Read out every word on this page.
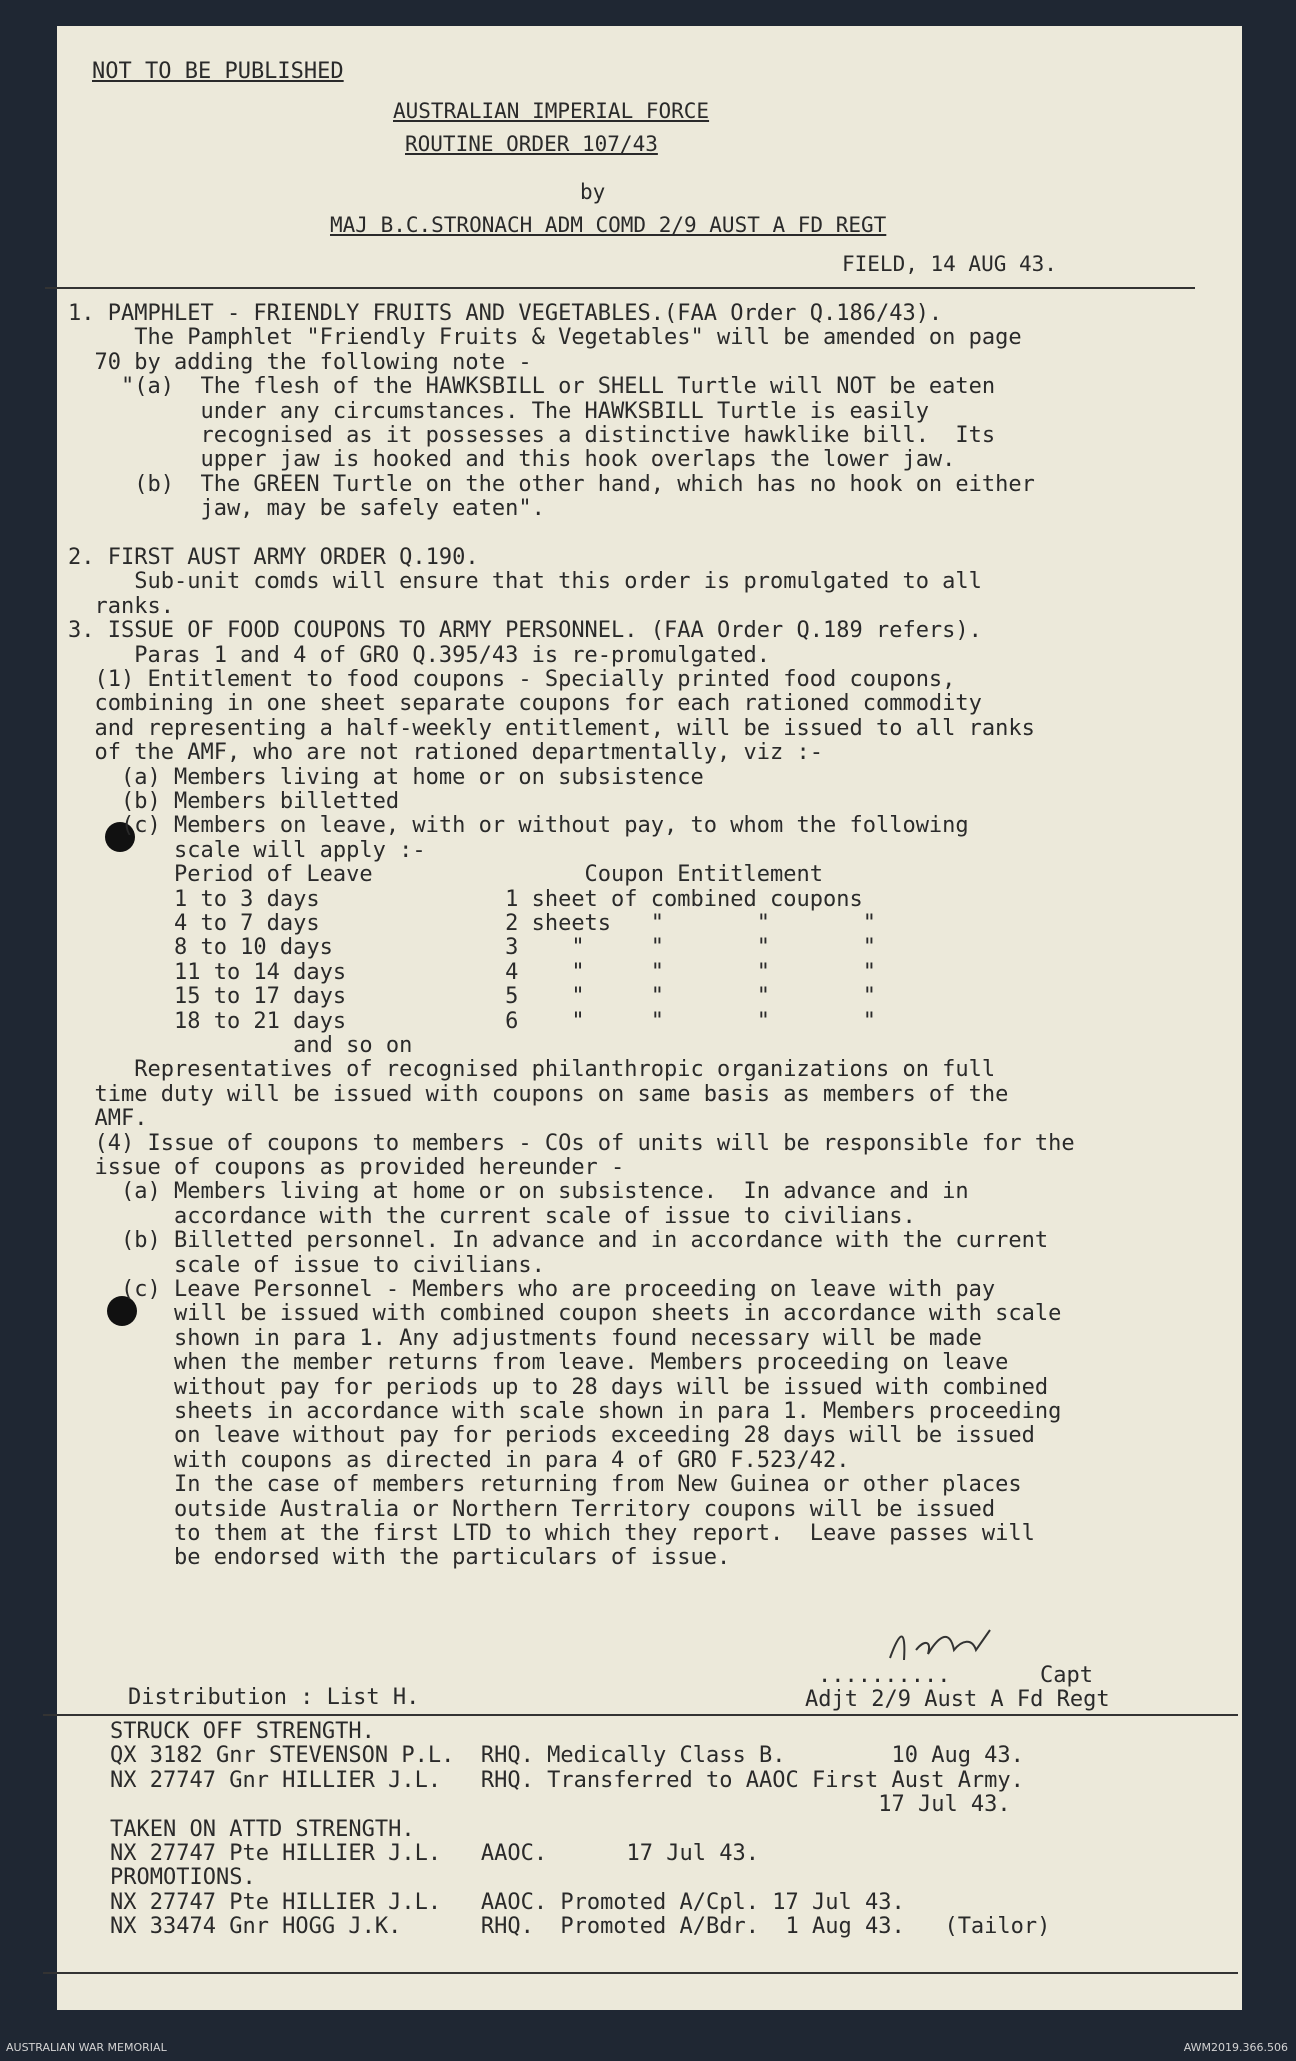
NOT TO BE PUBLISHED
AUSTRALIAN IMPERIAL FORCE
ROUTINE ORDER 107/43
by
MAJ B.C.STRONACH ADM COMD 2/9 AUST A FD REGT
FIELD, 14 AUG 43.
1. PAMPHLET - FRIENDLY FRUITS AND VEGETABLES.(FAA Order Q.186/43).
The Pamphlet "Friendly Fruits & Vegetables" will be amended on page
70 by adding the following note -
"(a)  The flesh of the HAWKSBILL or SHELL Turtle will NOT be eaten
under any circumstances. The HAWKSBILL Turtle is easily
recognised as it possesses a distinctive hawklike bill.  Its
upper jaw is hooked and this hook overlaps the lower jaw.
(b)  The GREEN Turtle on the other hand, which has no hook on either
jaw, may be safely eaten".
2. FIRST AUST ARMY ORDER Q.190.
Sub-unit comds will ensure that this order is promulgated to all
ranks.
3. ISSUE OF FOOD COUPONS TO ARMY PERSONNEL. (FAA Order Q.189 refers).
Paras 1 and 4 of GRO Q.395/43 is re-promulgated.
(1) Entitlement to food coupons - Specially printed food coupons,
combining in one sheet separate coupons for each rationed commodity
and representing a half-weekly entitlement, will be issued to all ranks
of the AMF, who are not rationed departmentally, viz :-
(a) Members living at home or on subsistence
(b) Members billetted
(c) Members on leave, with or without pay, to whom the following
scale will apply :-
Period of Leave                Coupon Entitlement
1 to 3 days              1 sheet of combined coupons
4 to 7 days              2 sheets   "       "       "
8 to 10 days             3    "     "       "       "
11 to 14 days            4    "     "       "       "
15 to 17 days            5    "     "       "       "
18 to 21 days            6    "     "       "       "
and so on
Representatives of recognised philanthropic organizations on full
time duty will be issued with coupons on same basis as members of the
AMF.
(4) Issue of coupons to members - COs of units will be responsible for the
issue of coupons as provided hereunder -
(a) Members living at home or on subsistence.  In advance and in
accordance with the current scale of issue to civilians.
(b) Billetted personnel. In advance and in accordance with the current
scale of issue to civilians.
(c) Leave Personnel - Members who are proceeding on leave with pay
will be issued with combined coupon sheets in accordance with scale
shown in para 1. Any adjustments found necessary will be made
when the member returns from leave. Members proceeding on leave
without pay for periods up to 28 days will be issued with combined
sheets in accordance with scale shown in para 1. Members proceeding
on leave without pay for periods exceeding 28 days will be issued
with coupons as directed in para 4 of GRO F.523/42.
In the case of members returning from New Guinea or other places
outside Australia or Northern Territory coupons will be issued
to them at the first LTD to which they report.  Leave passes will
be endorsed with the particulars of issue.
..........	Capt
Adjt 2/9 Aust A Fd Regt
Distribution : List H.
STRUCK OFF STRENGTH.
QX 3182 Gnr STEVENSON P.L.  RHQ. Medically Class B.        10 Aug 43.
NX 27747 Gnr HILLIER J.L.   RHQ. Transferred to AAOC First Aust Army.
17 Jul 43.
TAKEN ON ATTD STRENGTH.
NX 27747 Pte HILLIER J.L.   AAOC.      17 Jul 43.
PROMOTIONS.
NX 27747 Pte HILLIER J.L.   AAOC. Promoted A/Cpl. 17 Jul 43.
NX 33474 Gnr HOGG J.K.      RHQ.  Promoted A/Bdr.  1 Aug 43.   (Tailor)
AUSTRALIAN WAR MEMORIAL	AWM2019.366.506
